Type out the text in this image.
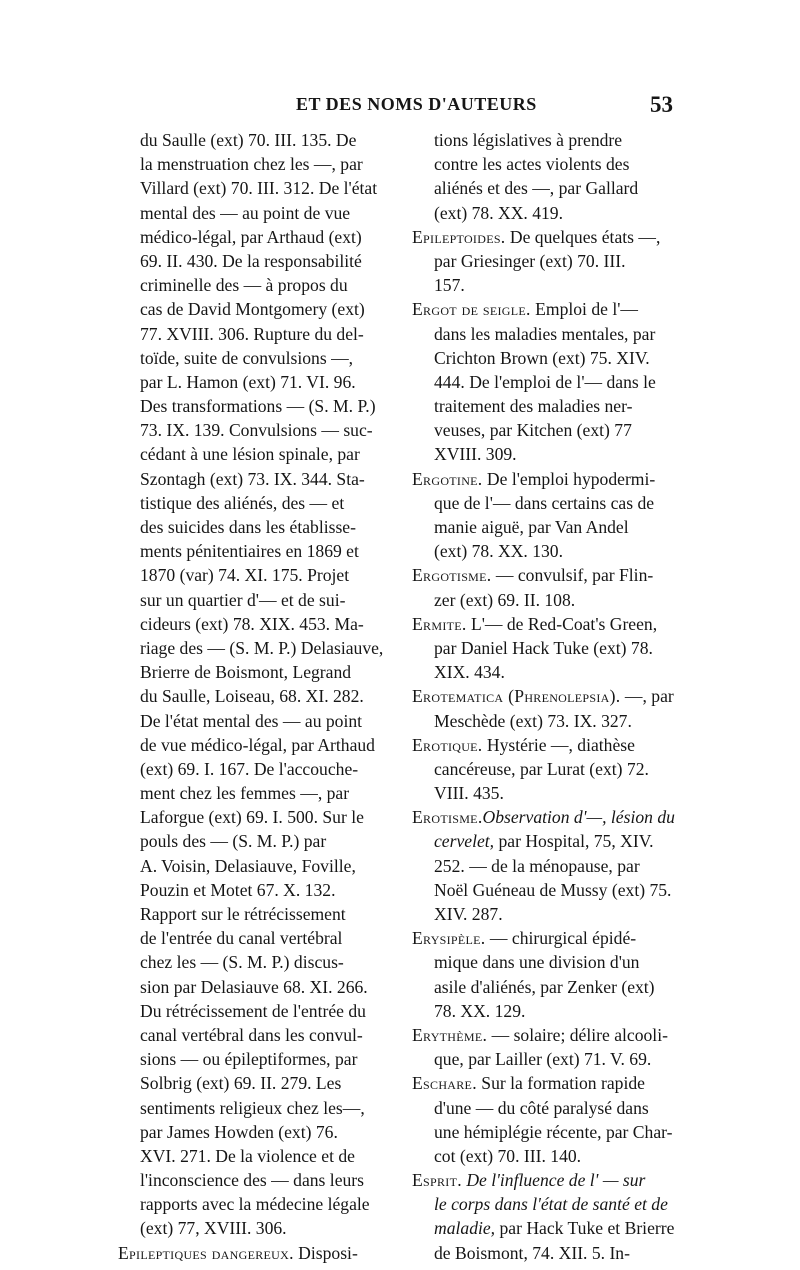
ET DES NOMS D'AUTEURS	53
du Saulle (ext) 70. III. 135. De
la menstruation chez les —, par
Villard (ext) 70. III. 312. De l'état
mental des — au point de vue
médico-légal, par Arthaud (ext)
69. II. 430. De la responsabilité
criminelle des — à propos du
cas de David Montgomery (ext)
77. XVIII. 306. Rupture du del-
toïde, suite de convulsions —,
par L. Hamon (ext) 71. VI. 96.
Des transformations — (S. M. P.)
73. IX. 139. Convulsions — suc-
cédant à une lésion spinale, par
Szontagh (ext) 73. IX. 344. Sta-
tistique des aliénés, des — et
des suicides dans les établisse-
ments pénitentiaires en 1869 et
1870 (var) 74. XI. 175. Projet
sur un quartier d'— et de sui-
cideurs (ext) 78. XIX. 453. Ma-
riage des — (S. M. P.) Delasiauve,
Brierre de Boismont, Legrand
du Saulle, Loiseau, 68. XI. 282.
De l'état mental des — au point
de vue médico-légal, par Arthaud
(ext) 69. I. 167. De l'accouche-
ment chez les femmes —, par
Laforgue (ext) 69. I. 500. Sur le
pouls des — (S. M. P.) par
A. Voisin, Delasiauve, Foville,
Pouzin et Motet 67. X. 132.
Rapport sur le rétrécissement
de l'entrée du canal vertébral
chez les — (S. M. P.) discus-
sion par Delasiauve 68. XI. 266.
Du rétrécissement de l'entrée du
canal vertébral dans les convul-
sions — ou épileptiformes, par
Solbrig (ext) 69. II. 279. Les
sentiments religieux chez les—,
par James Howden (ext) 76.
XVI. 271. De la violence et de
l'inconscience des — dans leurs
rapports avec la médecine légale
(ext) 77, XVIII. 306.
Epileptiques dangereux. Disposi-
tions législatives à prendre
contre les actes violents des
aliénés et des —, par Gallard
(ext) 78. XX. 419.
Epileptoides. De quelques états —,
par Griesinger (ext) 70. III.
157.
Ergot de seigle. Emploi de l'—
dans les maladies mentales, par
Crichton Brown (ext) 75. XIV.
444. De l'emploi de l'— dans le
traitement des maladies ner-
veuses, par Kitchen (ext) 77
XVIII. 309.
Ergotine. De l'emploi hypodermi-
que de l'— dans certains cas de
manie aiguë, par Van Andel
(ext) 78. XX. 130.
Ergotisme. — convulsif, par Flin-
zer (ext) 69. II. 108.
Ermite. L'— de Red-Coat's Green,
par Daniel Hack Tuke (ext) 78.
XIX. 434.
Erotematica (Phrenolepsia). —, par
Meschède (ext) 73. IX. 327.
Erotique. Hystérie —, diathèse
cancéreuse, par Lurat (ext) 72.
VIII. 435.
Erotisme.Observation d'—, lésion du
cervelet, par Hospital, 75, XIV.
252. — de la ménopause, par
Noël Guéneau de Mussy (ext) 75.
XIV. 287.
Erysipèle. — chirurgical épidé-
mique dans une division d'un
asile d'aliénés, par Zenker (ext)
78. XX. 129.
Erythème. — solaire; délire alcooli-
que, par Lailler (ext) 71. V. 69.
Eschare. Sur la formation rapide
d'une — du côté paralysé dans
une hémiplégie récente, par Char-
cot (ext) 70. III. 140.
Esprit. De l'influence de l' — sur
le corps dans l'état de santé et de
maladie, par Hack Tuke et Brierre
de Boismont, 74. XII. 5. In-
